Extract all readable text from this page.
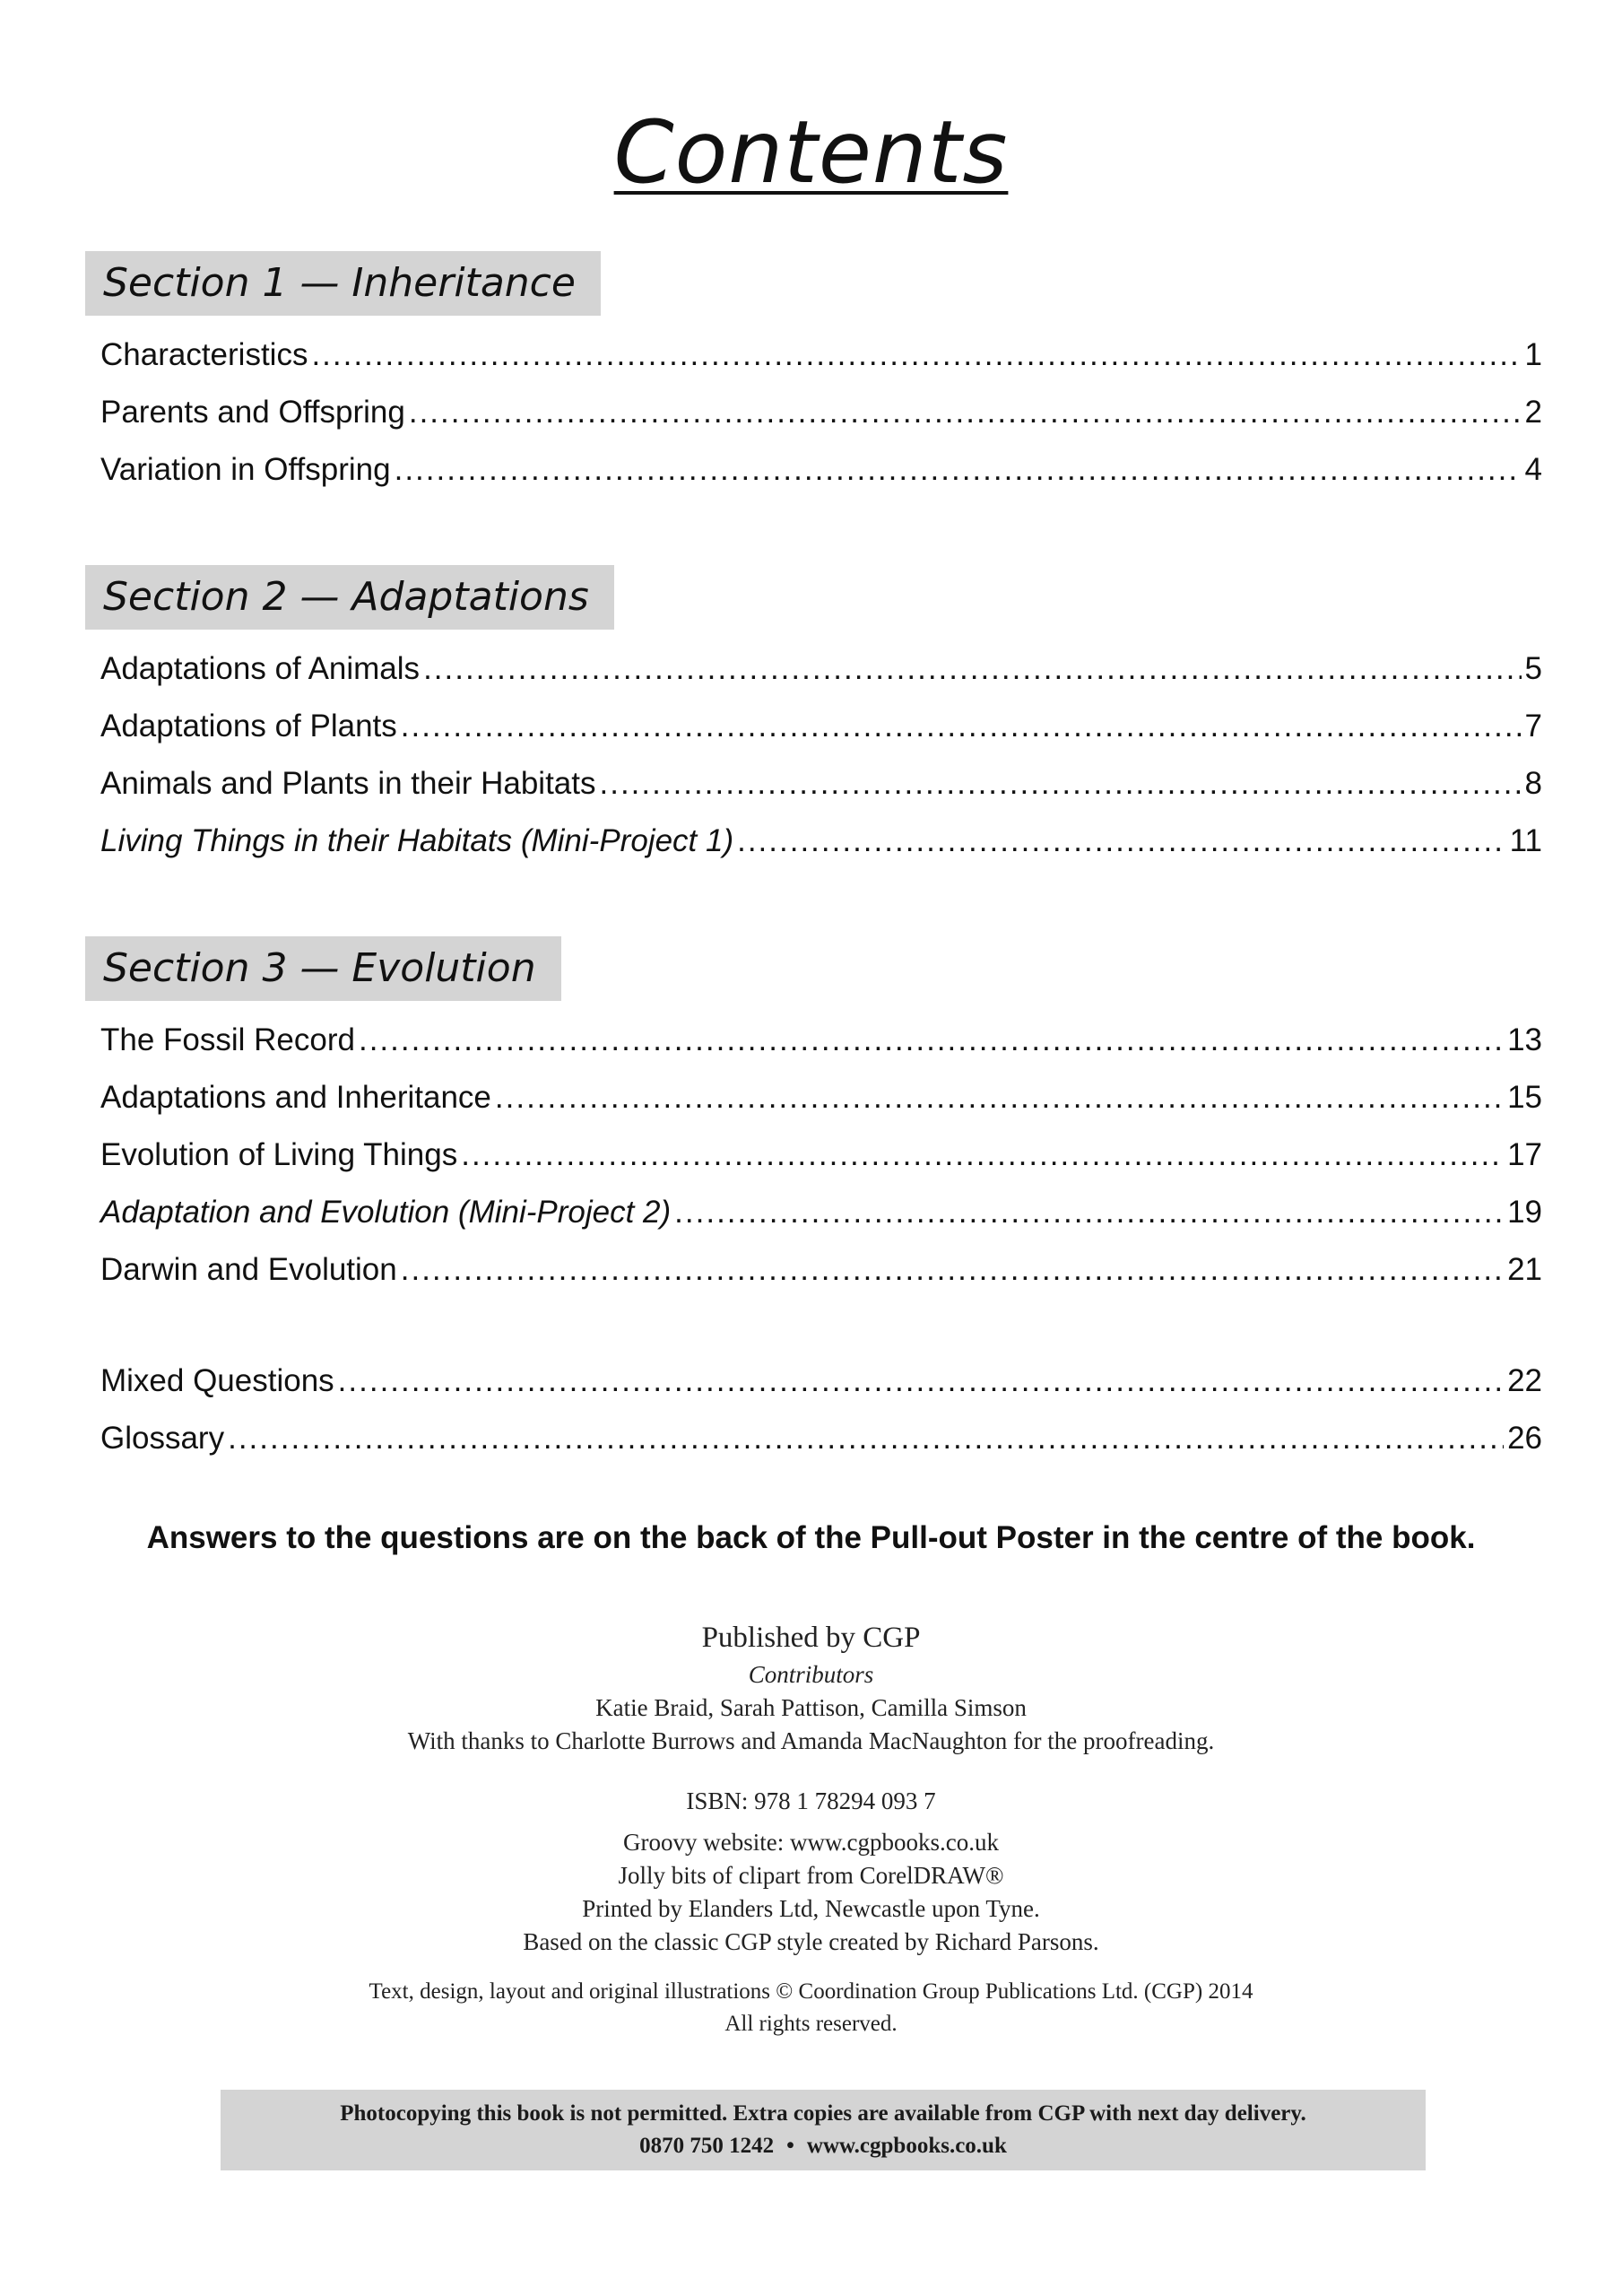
Contents
Section 1 — Inheritance
Characteristics .....	1
Parents and Offspring .....	2
Variation in Offspring .....	4
Section 2 — Adaptations
Adaptations of Animals .....	5
Adaptations of Plants .....	7
Animals and Plants in their Habitats .....	8
Living Things in their Habitats (Mini-Project 1) .....	11
Section 3 — Evolution
The Fossil Record .....	13
Adaptations and Inheritance .....	15
Evolution of Living Things .....	17
Adaptation and Evolution (Mini-Project 2) .....	19
Darwin and Evolution .....	21
Mixed Questions .....	22
Glossary .....	26
Answers to the questions are on the back of the Pull-out Poster in the centre of the book.
Published by CGP
Contributors
Katie Braid, Sarah Pattison, Camilla Simson
With thanks to Charlotte Burrows and Amanda MacNaughton for the proofreading.
ISBN: 978 1 78294 093 7
Groovy website: www.cgpbooks.co.uk
Jolly bits of clipart from CorelDRAW®
Printed by Elanders Ltd, Newcastle upon Tyne.
Based on the classic CGP style created by Richard Parsons.
Text, design, layout and original illustrations © Coordination Group Publications Ltd. (CGP) 2014
All rights reserved.
Photocopying this book is not permitted. Extra copies are available from CGP with next day delivery.
0870 750 1242 • www.cgpbooks.co.uk
